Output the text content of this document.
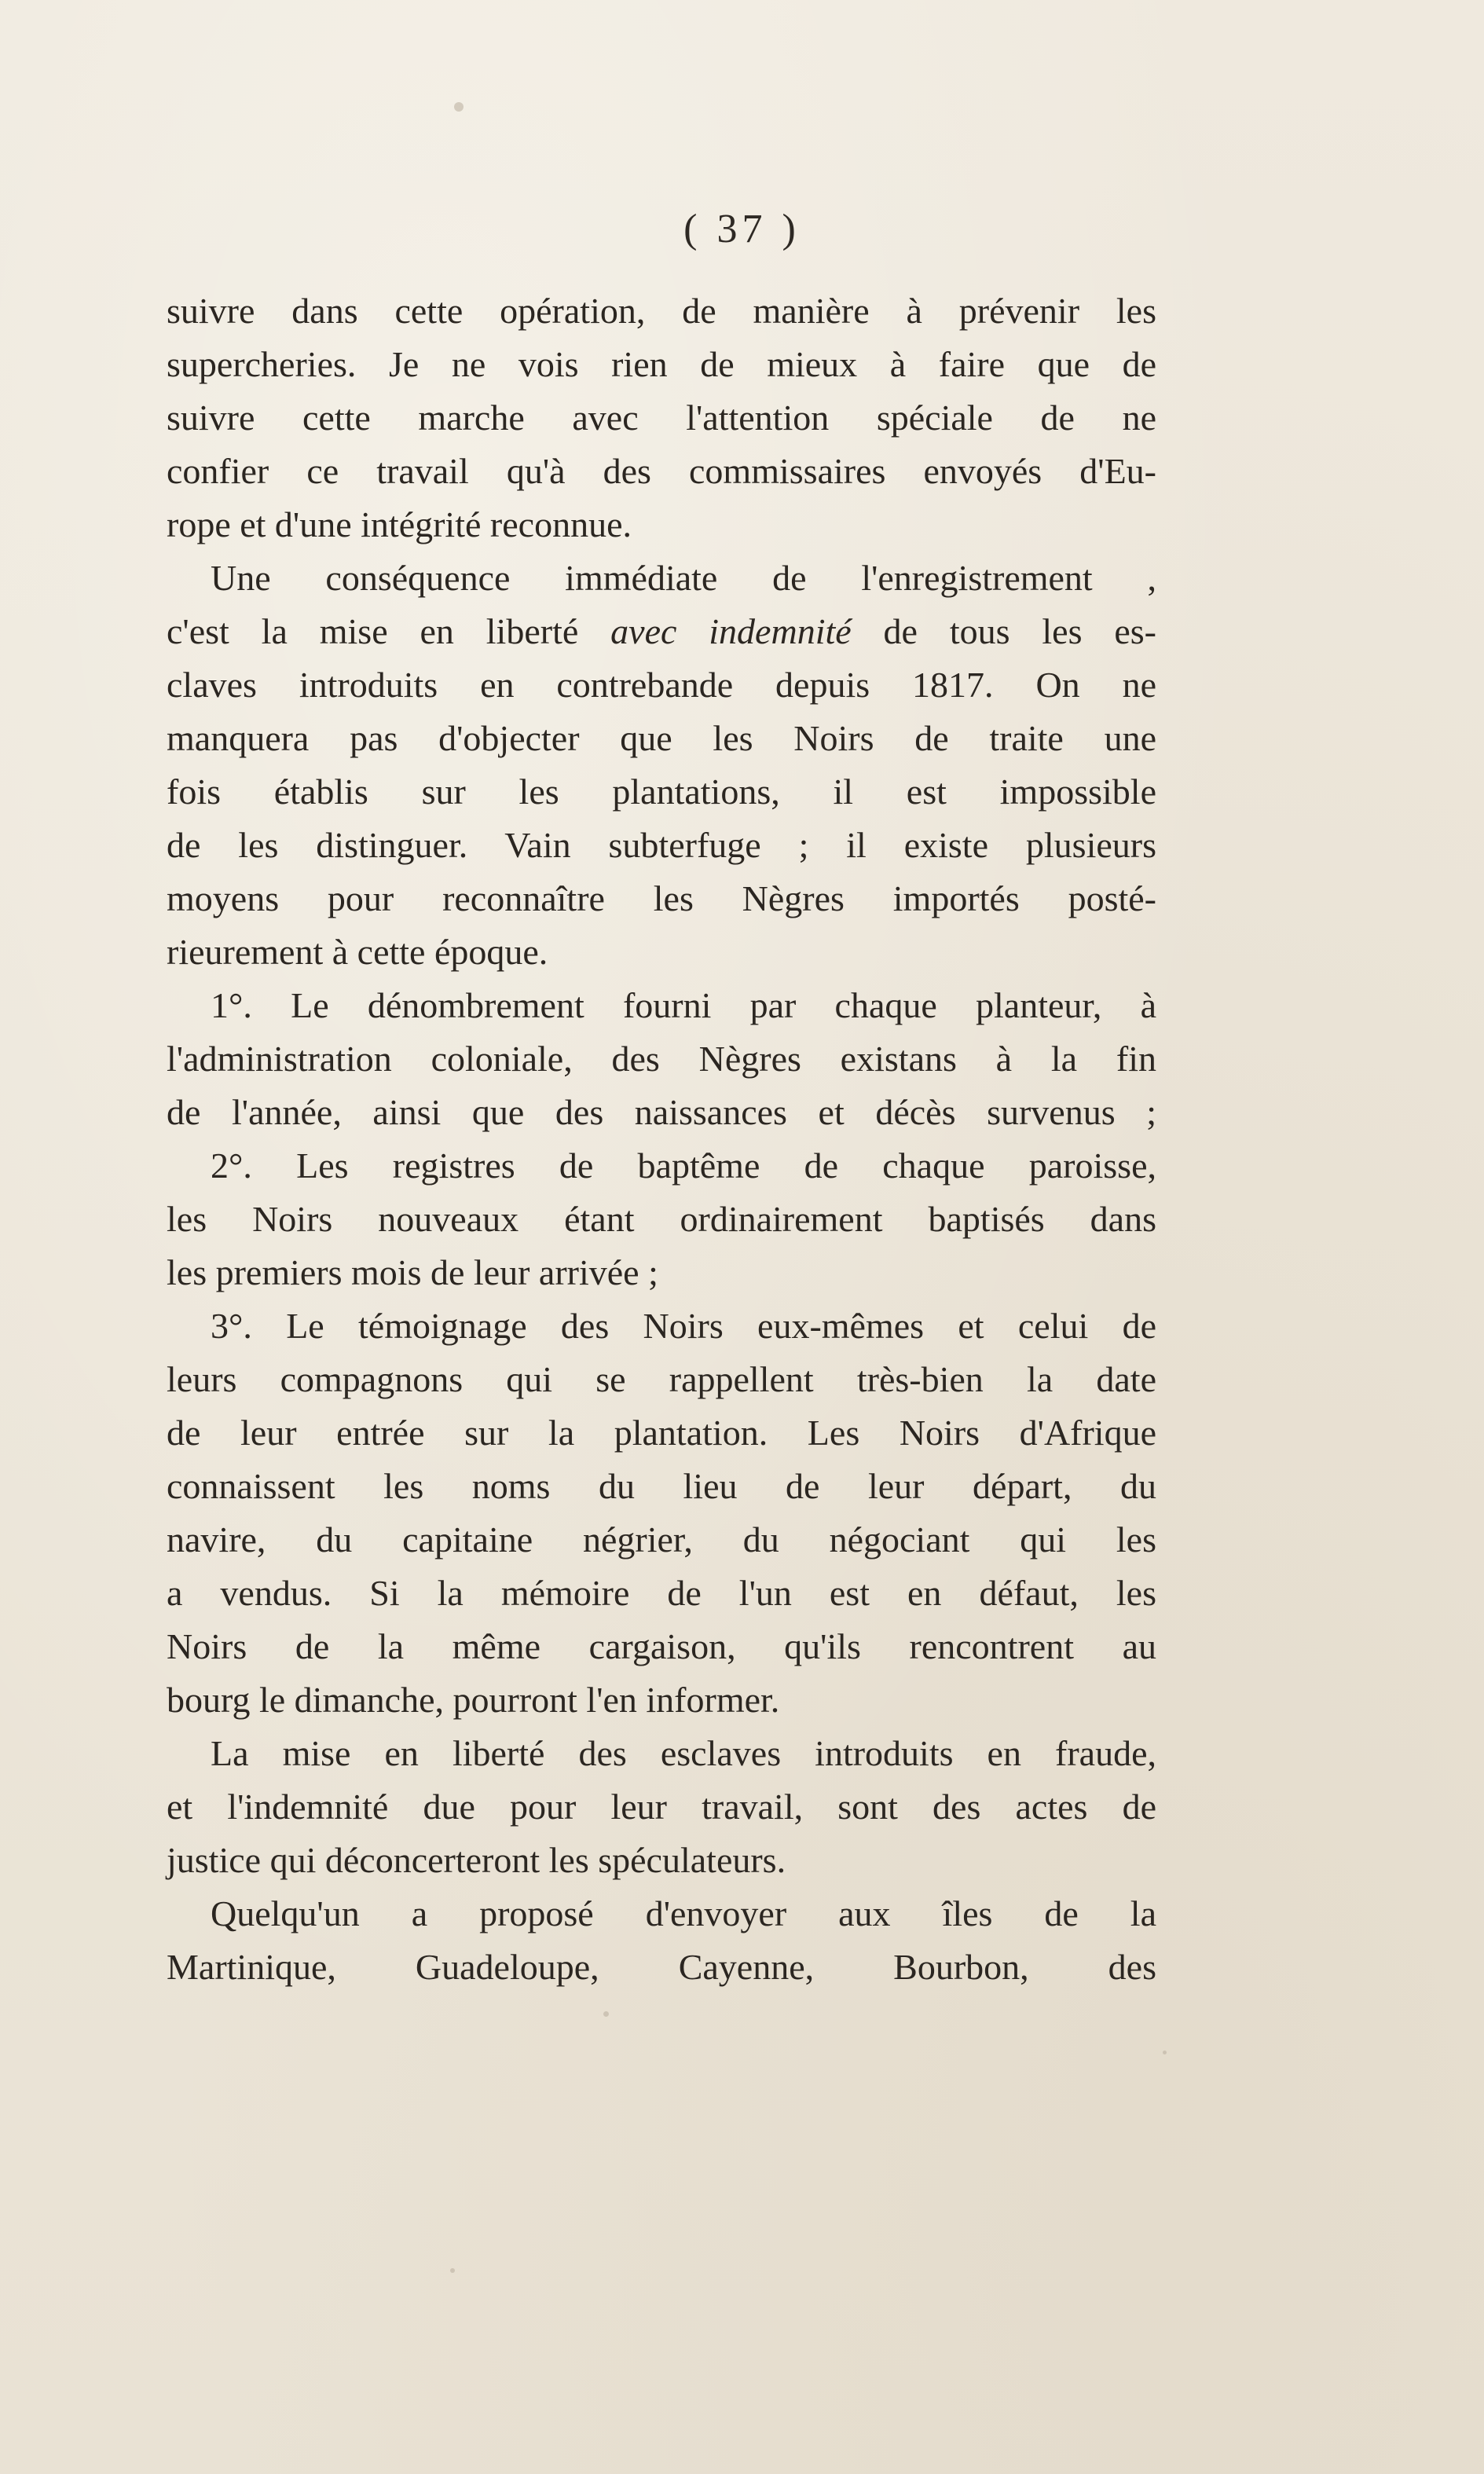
( 37 )
suivre dans cette opération, de manière à prévenir les
supercheries. Je ne vois rien de mieux à faire que de
suivre cette marche avec l'attention spéciale de ne
confier ce travail qu'à des commissaires envoyés d'Eu-
rope et d'une intégrité reconnue.
Une conséquence immédiate de l'enregistrement ,
c'est la mise en liberté avec indemnité de tous les es-
claves introduits en contrebande depuis 1817. On ne
manquera pas d'objecter que les Noirs de traite une
fois établis sur les plantations, il est impossible
de les distinguer. Vain subterfuge ; il existe plusieurs
moyens pour reconnaître les Nègres importés posté-
rieurement à cette époque.
1°. Le dénombrement fourni par chaque planteur, à
l'administration coloniale, des Nègres existans à la fin
de l'année, ainsi que des naissances et décès survenus ;
2°. Les registres de baptême de chaque paroisse,
les Noirs nouveaux étant ordinairement baptisés dans
les premiers mois de leur arrivée ;
3°. Le témoignage des Noirs eux-mêmes et celui de
leurs compagnons qui se rappellent très-bien la date
de leur entrée sur la plantation. Les Noirs d'Afrique
connaissent les noms du lieu de leur départ, du
navire, du capitaine négrier, du négociant qui les
a vendus. Si la mémoire de l'un est en défaut, les
Noirs de la même cargaison, qu'ils rencontrent au
bourg le dimanche, pourront l'en informer.
La mise en liberté des esclaves introduits en fraude,
et l'indemnité due pour leur travail, sont des actes de
justice qui déconcerteront les spéculateurs.
Quelqu'un a proposé d'envoyer aux îles de la
Martinique, Guadeloupe, Cayenne, Bourbon, des
